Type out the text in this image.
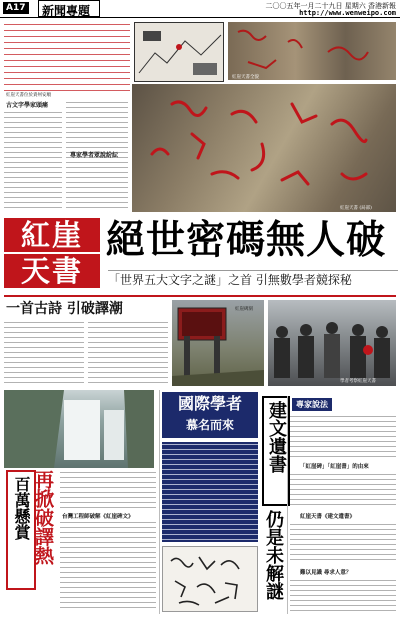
A17 新聞專題	二〇〇五年一月二十九日 星期六 香港新報
http://www.wenweipo.com
紅崖天書位於貴州安順
紅崖天書全貌
古文字學家頭痛
專家學者眾說紛紜
紅崖天書 (局部)
紅崖
天書
絕世密碼無人破
「世界五大文字之謎」之首 引無數學者競探秘
一首古詩 引破譯潮	紅崖碑刻
學者考察紅崖天書
百萬懸賞 再掀破譯熱 台灣工程師破解《紅崖碑文》
國際學者
慕名而來	建文遺書
仍是未解謎
專家說法
「紅崖碑」「紅崖書」的由來
紅崖天書《建文遺書》
難以見識 尋求人意？
